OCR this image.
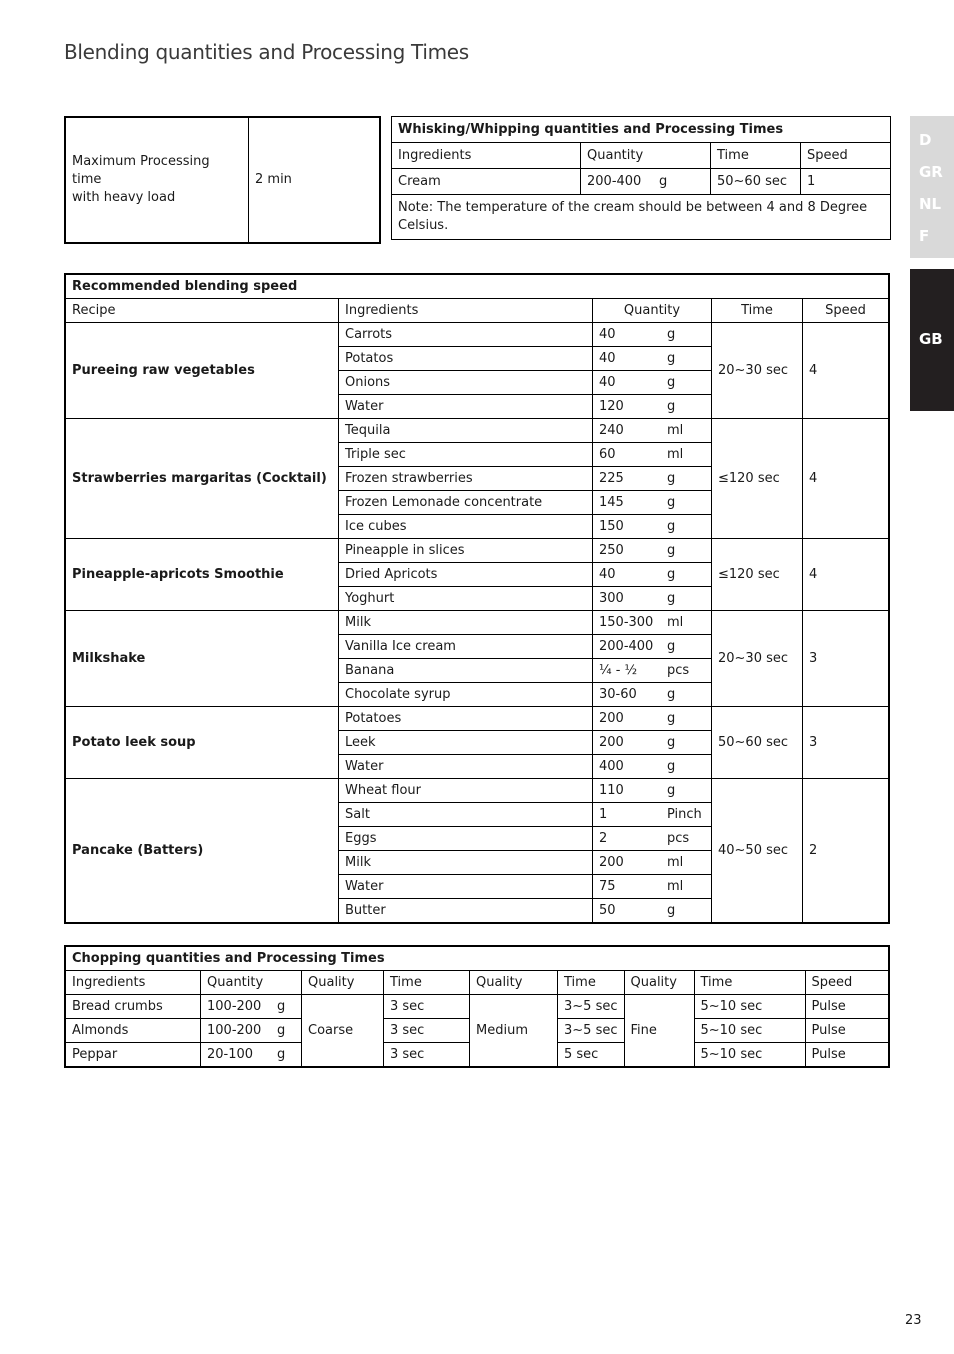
Blending quantities and Processing Times
Maximum Processing time
with heavy load	2 min
Whisking/Whipping quantities and Processing Times			
Ingredients	Quantity	Time	Speed
Cream	200-400 g	50~60 sec	1
Note: The temperature of the cream should be between 4 and 8 Degree Celsius.			
Recommended blending speed				
Recipe	Ingredients	Quantity	Time	Speed
Pureeing raw vegetables	Carrots	40 g	20~30 sec	4
	Potatos	40 g		
	Onions	40 g		
	Water	120 g		
Strawberries margaritas (Cocktail)	Tequila	240 ml	≤120 sec	4
	Triple sec	60 ml		
	Frozen strawberries	225 g		
	Frozen Lemonade concentrate	145 g		
	Ice cubes	150 g		
Pineapple-apricots Smoothie	Pineapple in slices	250 g	≤120 sec	4
	Dried Apricots	40 g		
	Yoghurt	300 g		
Milkshake	Milk	150-300 ml	20~30 sec	3
	Vanilla Ice cream	200-400 g		
	Banana	¼ - ½ pcs		
	Chocolate syrup	30-60 g		
Potato leek soup	Potatoes	200 g	50~60 sec	3
	Leek	200 g		
	Water	400 g		
Pancake (Batters)	Wheat flour	110 g	40~50 sec	2
	Salt	1 Pinch		
	Eggs	2 pcs		
	Milk	200 ml		
	Water	75 ml		
	Butter	50 g		
Chopping quantities and Processing Times								
Ingredients	Quantity	Quality	Time	Quality	Time	Quality	Time	Speed
Bread crumbs	100-200 g	Coarse	3 sec	Medium	3~5 sec	Fine	5~10 sec	Pulse
Almonds	100-200 g		3 sec		3~5 sec		5~10 sec	Pulse
Peppar	20-100 g		3 sec		5 sec		5~10 sec	Pulse
D
GR
NL
F
GB
23
